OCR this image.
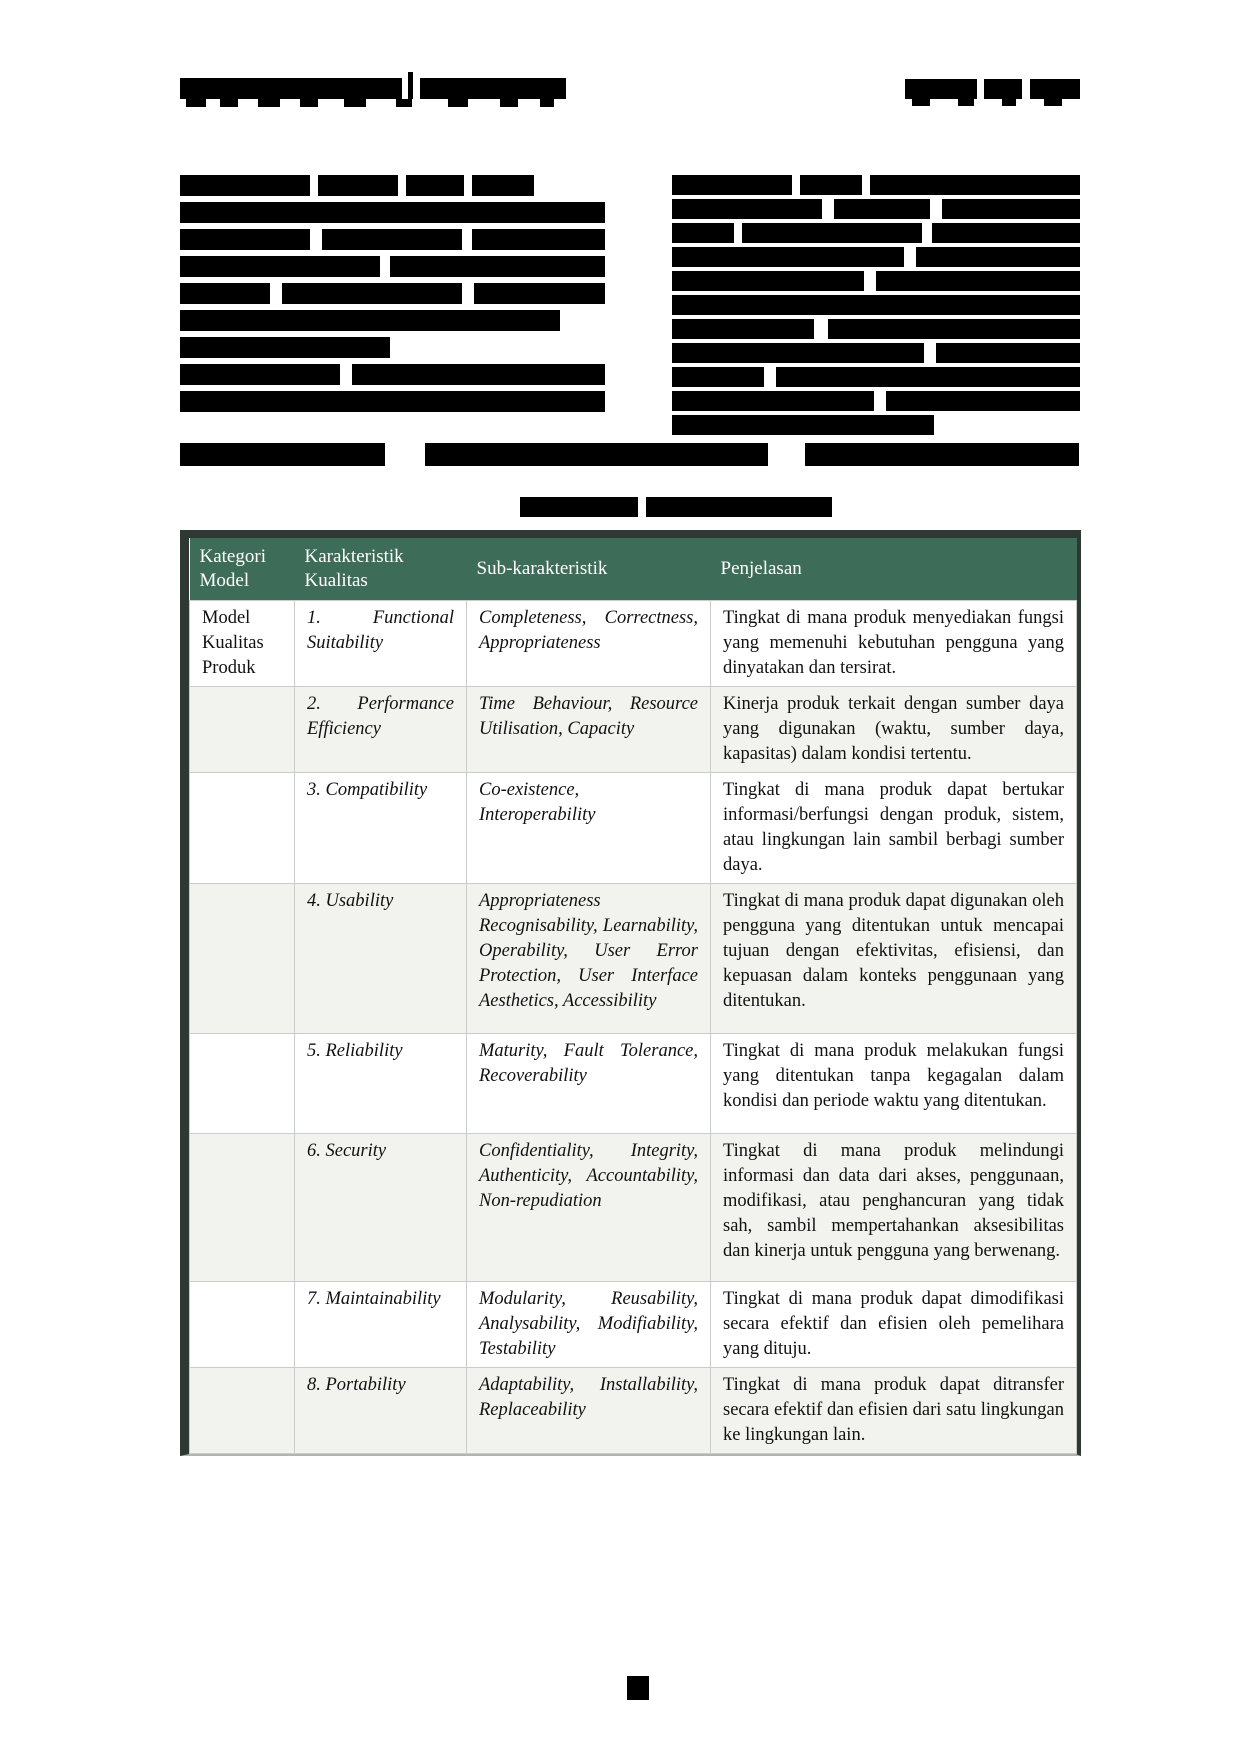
Kategori Model	Karakteristik Kualitas	Sub-karakteristik	Penjelasan
Model Kualitas Produk	1. Functional Suitability	Completeness, Correctness, Appropriateness	Tingkat di mana produk menyediakan fungsi yang memenuhi kebutuhan pengguna yang dinyatakan dan tersirat.
	2. Performance Efficiency	Time Behaviour, Resource Utilisation, Capacity	Kinerja produk terkait dengan sumber daya yang digunakan (waktu, sumber daya, kapasitas) dalam kondisi tertentu.
	3. Compatibility	Co-existence, Interoperability	Tingkat di mana produk dapat bertukar informasi/berfungsi dengan produk, sistem, atau lingkungan lain sambil berbagi sumber daya.
	4. Usability	Appropriateness Recognisability, Learnability, Operability, User Error Protection, User Interface Aesthetics, Accessibility	Tingkat di mana produk dapat digunakan oleh pengguna yang ditentukan untuk mencapai tujuan dengan efektivitas, efisiensi, dan kepuasan dalam konteks penggunaan yang ditentukan.
	5. Reliability	Maturity, Fault Tolerance, Recoverability	Tingkat di mana produk melakukan fungsi yang ditentukan tanpa kegagalan dalam kondisi dan periode waktu yang ditentukan.
	6. Security	Confidentiality, Integrity, Authenticity, Accountability, Non-repudiation	Tingkat di mana produk melindungi informasi dan data dari akses, penggunaan, modifikasi, atau penghancuran yang tidak sah, sambil mempertahankan aksesibilitas dan kinerja untuk pengguna yang berwenang.
	7. Maintainability	Modularity, Reusability, Analysability, Modifiability, Testability	Tingkat di mana produk dapat dimodifikasi secara efektif dan efisien oleh pemelihara yang dituju.
	8. Portability	Adaptability, Installability, Replaceability	Tingkat di mana produk dapat ditransfer secara efektif dan efisien dari satu lingkungan ke lingkungan lain.
